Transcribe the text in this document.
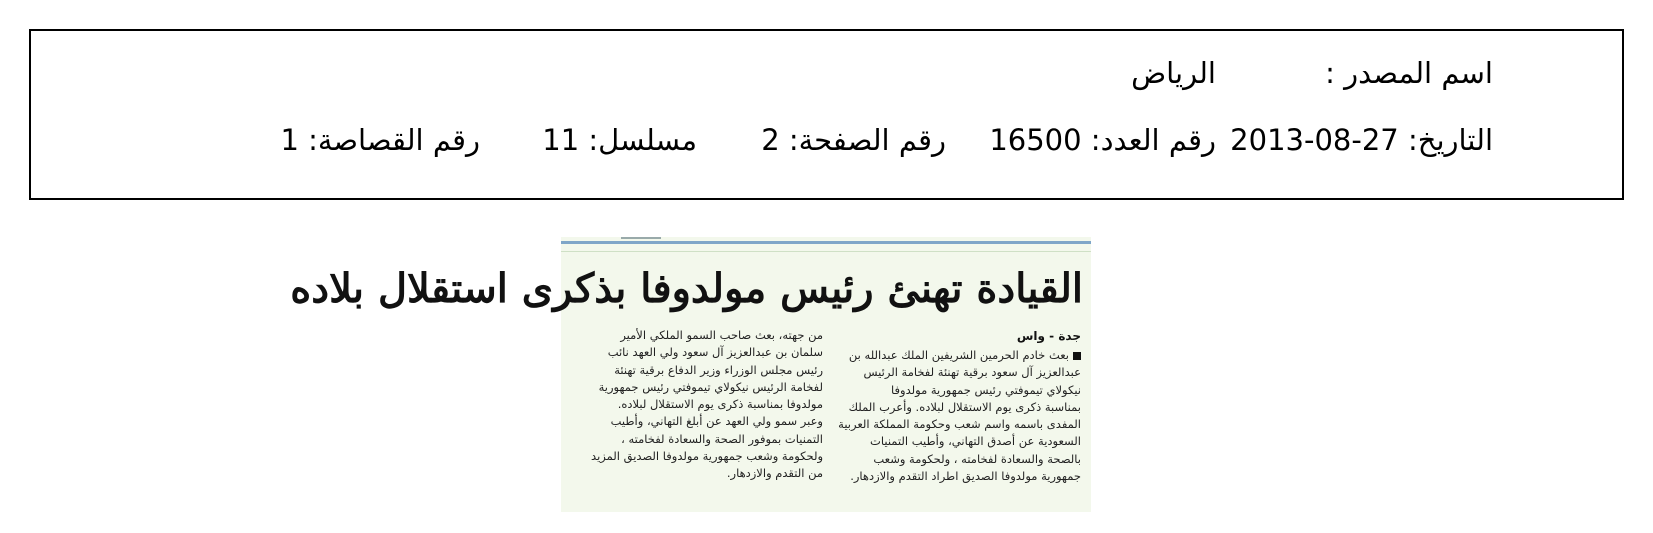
اسم المصدر :
الرياض
التاريخ: 27-08-2013
رقم العدد: 16500
رقم الصفحة: 2
مسلسل: 11
رقم القصاصة: 1
القيادة تهنئ رئيس مولدوفا بذكرى استقلال بلاده
جدة - واس
بعث خادم الحرمين الشريفين الملك عبدالله بن
عبدالعزيز آل سعود برقية تهنئة لفخامة الرئيس
نيكولاي تيموفتي رئيس جمهورية مولدوفا
بمناسبة ذكرى يوم الاستقلال لبلاده. وأعرب الملك
المفدى باسمه واسم شعب وحكومة المملكة العربية
السعودية عن أصدق التهاني، وأطيب التمنيات
بالصحة والسعادة لفخامته ، ولحكومة وشعب
جمهورية مولدوفا الصديق اطراد التقدم والازدهار.
من جهته، بعث صاحب السمو الملكي الأمير
سلمان بن عبدالعزيز آل سعود ولي العهد نائب
رئيس مجلس الوزراء وزير الدفاع برقية تهنئة
لفخامة الرئيس نيكولاي تيموفتي رئيس جمهورية
مولدوفا بمناسبة ذكرى يوم الاستقلال لبلاده.
وعبر سمو ولي العهد عن أبلغ التهاني، وأطيب
التمنيات بموفور الصحة والسعادة لفخامته ،
ولحكومة وشعب جمهورية مولدوفا الصديق المزيد
من التقدم والازدهار.
